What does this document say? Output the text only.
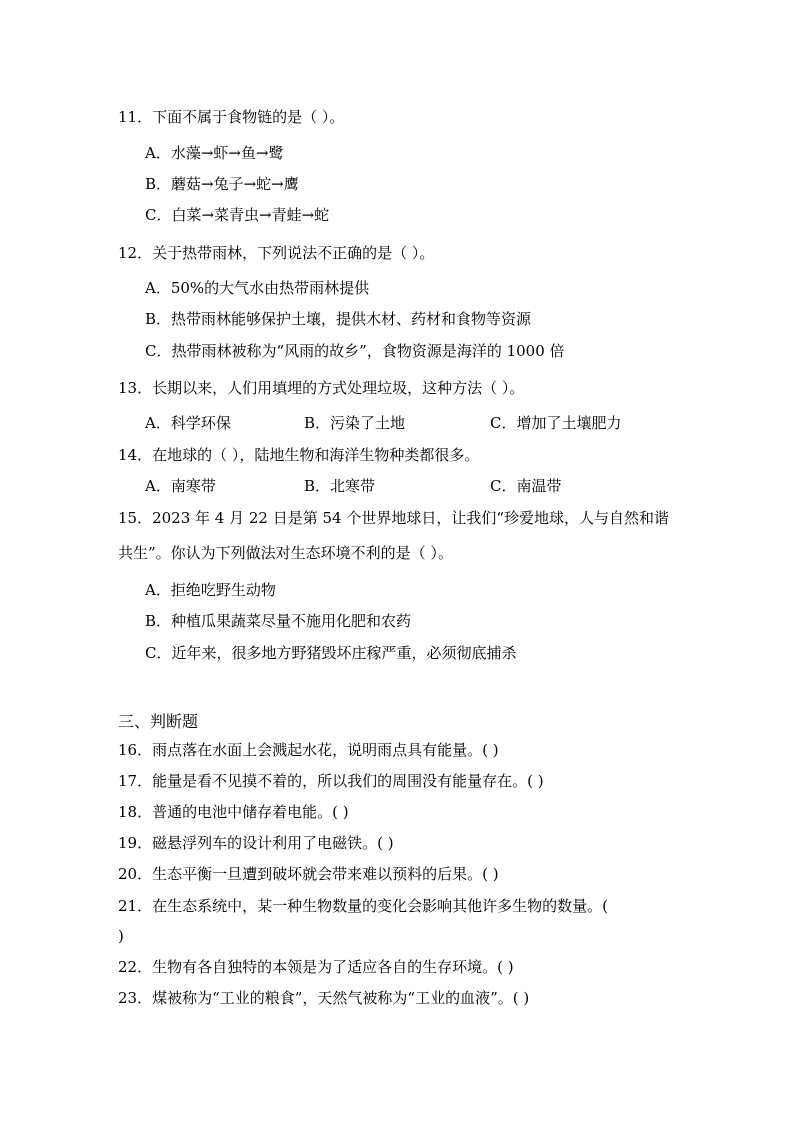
11．下面不属于食物链的是（ ）。
A．水藻→虾→鱼→鹭
B．蘑菇→兔子→蛇→鹰
C．白菜→菜青虫→青蛙→蛇
12．关于热带雨林，下列说法不正确的是（ ）。
A．50%的大气水由热带雨林提供
B．热带雨林能够保护土壤，提供木材、药材和食物等资源
C．热带雨林被称为“风雨的故乡”，食物资源是海洋的 1000 倍
13．长期以来，人们用填埋的方式处理垃圾，这种方法（ ）。
A．科学环保	B．污染了土地	C．增加了土壤肥力
14．在地球的（ ），陆地生物和海洋生物种类都很多。
A．南寒带	B．北寒带	C．南温带
15．2023 年 4 月 22 日是第 54 个世界地球日，让我们“珍爱地球，人与自然和谐
共生”。你认为下列做法对生态环境不利的是（ ）。
A．拒绝吃野生动物
B．种植瓜果蔬菜尽量不施用化肥和农药
C．近年来，很多地方野猪毁坏庄稼严重，必须彻底捕杀
三、判断题
16．雨点落在水面上会溅起水花，说明雨点具有能量。( )
17．能量是看不见摸不着的，所以我们的周围没有能量存在。( )
18．普通的电池中储存着电能。( )
19．磁悬浮列车的设计利用了电磁铁。( )
20．生态平衡一旦遭到破坏就会带来难以预料的后果。( )
21．在生态系统中，某一种生物数量的变化会影响其他许多生物的数量。(
)
22．生物有各自独特的本领是为了适应各自的生存环境。( )
23．煤被称为“工业的粮食”，天然气被称为“工业的血液”。( )
